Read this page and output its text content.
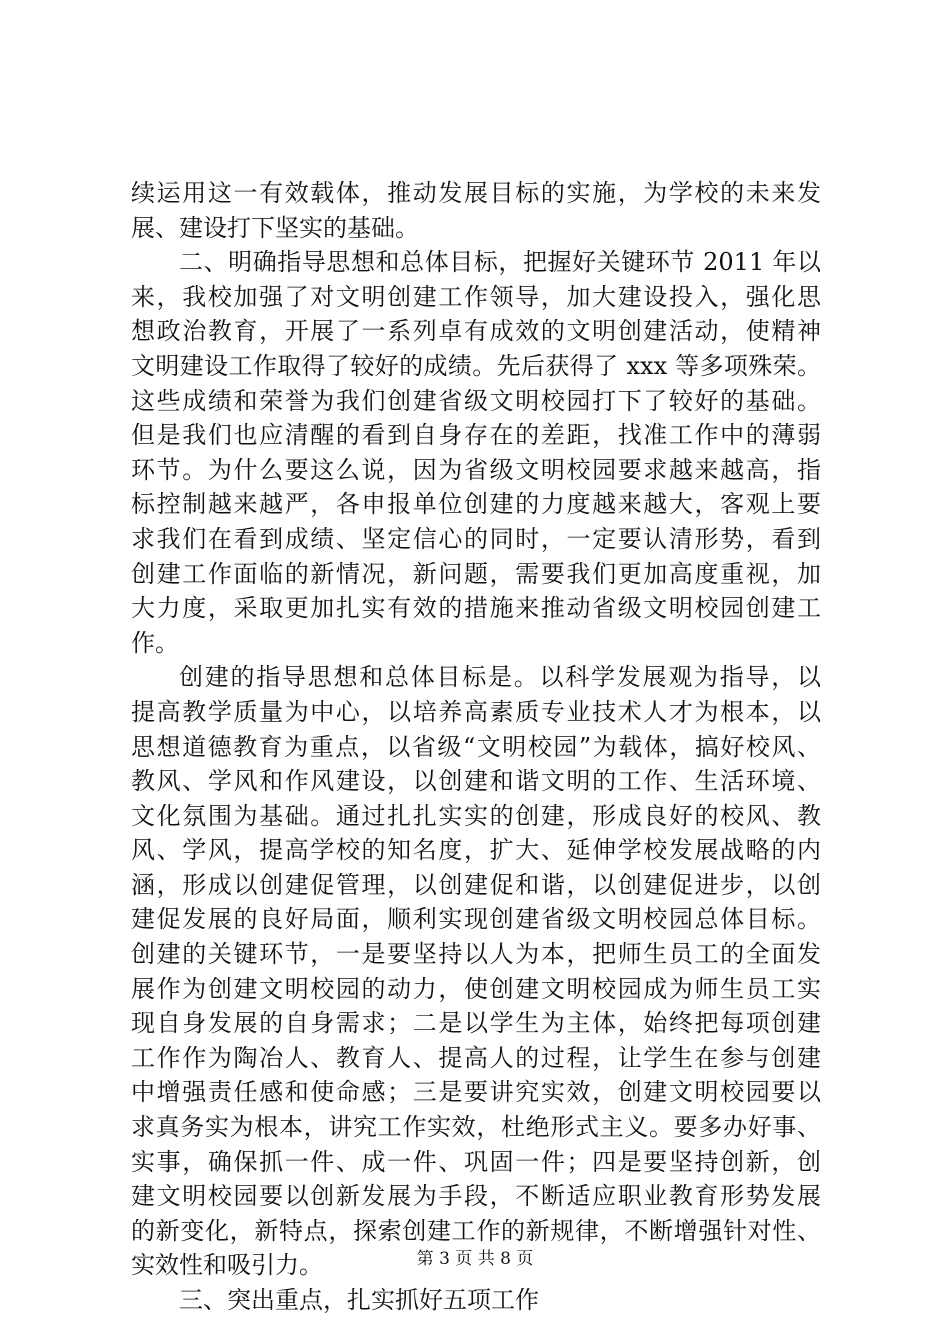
续运用这一有效载体，推动发展目标的实施，为学校的未来发
展、建设打下坚实的基础。
二、明确指导思想和总体目标，把握好关键环节 2011 年以
来，我校加强了对文明创建工作领导，加大建设投入，强化思
想政治教育，开展了一系列卓有成效的文明创建活动，使精神
文明建设工作取得了较好的成绩。先后获得了 xxx 等多项殊荣。
这些成绩和荣誉为我们创建省级文明校园打下了较好的基础。
但是我们也应清醒的看到自身存在的差距，找准工作中的薄弱
环节。为什么要这么说，因为省级文明校园要求越来越高，指
标控制越来越严，各申报单位创建的力度越来越大，客观上要
求我们在看到成绩、坚定信心的同时，一定要认清形势，看到
创建工作面临的新情况，新问题，需要我们更加高度重视，加
大力度，采取更加扎实有效的措施来推动省级文明校园创建工
作。
创建的指导思想和总体目标是。以科学发展观为指导，以
提高教学质量为中心，以培养高素质专业技术人才为根本，以
思想道德教育为重点，以省级“文明校园”为载体，搞好校风、
教风、学风和作风建设，以创建和谐文明的工作、生活环境、
文化氛围为基础。通过扎扎实实的创建，形成良好的校风、教
风、学风，提高学校的知名度，扩大、延伸学校发展战略的内
涵，形成以创建促管理，以创建促和谐，以创建促进步，以创
建促发展的良好局面，顺利实现创建省级文明校园总体目标。
创建的关键环节，一是要坚持以人为本，把师生员工的全面发
展作为创建文明校园的动力，使创建文明校园成为师生员工实
现自身发展的自身需求；二是以学生为主体，始终把每项创建
工作作为陶冶人、教育人、提高人的过程，让学生在参与创建
中增强责任感和使命感；三是要讲究实效，创建文明校园要以
求真务实为根本，讲究工作实效，杜绝形式主义。要多办好事、
实事，确保抓一件、成一件、巩固一件；四是要坚持创新，创
建文明校园要以创新发展为手段，不断适应职业教育形势发展
的新变化，新特点，探索创建工作的新规律，不断增强针对性、
实效性和吸引力。
三、突出重点，扎实抓好五项工作
第 3 页 共 8 页
